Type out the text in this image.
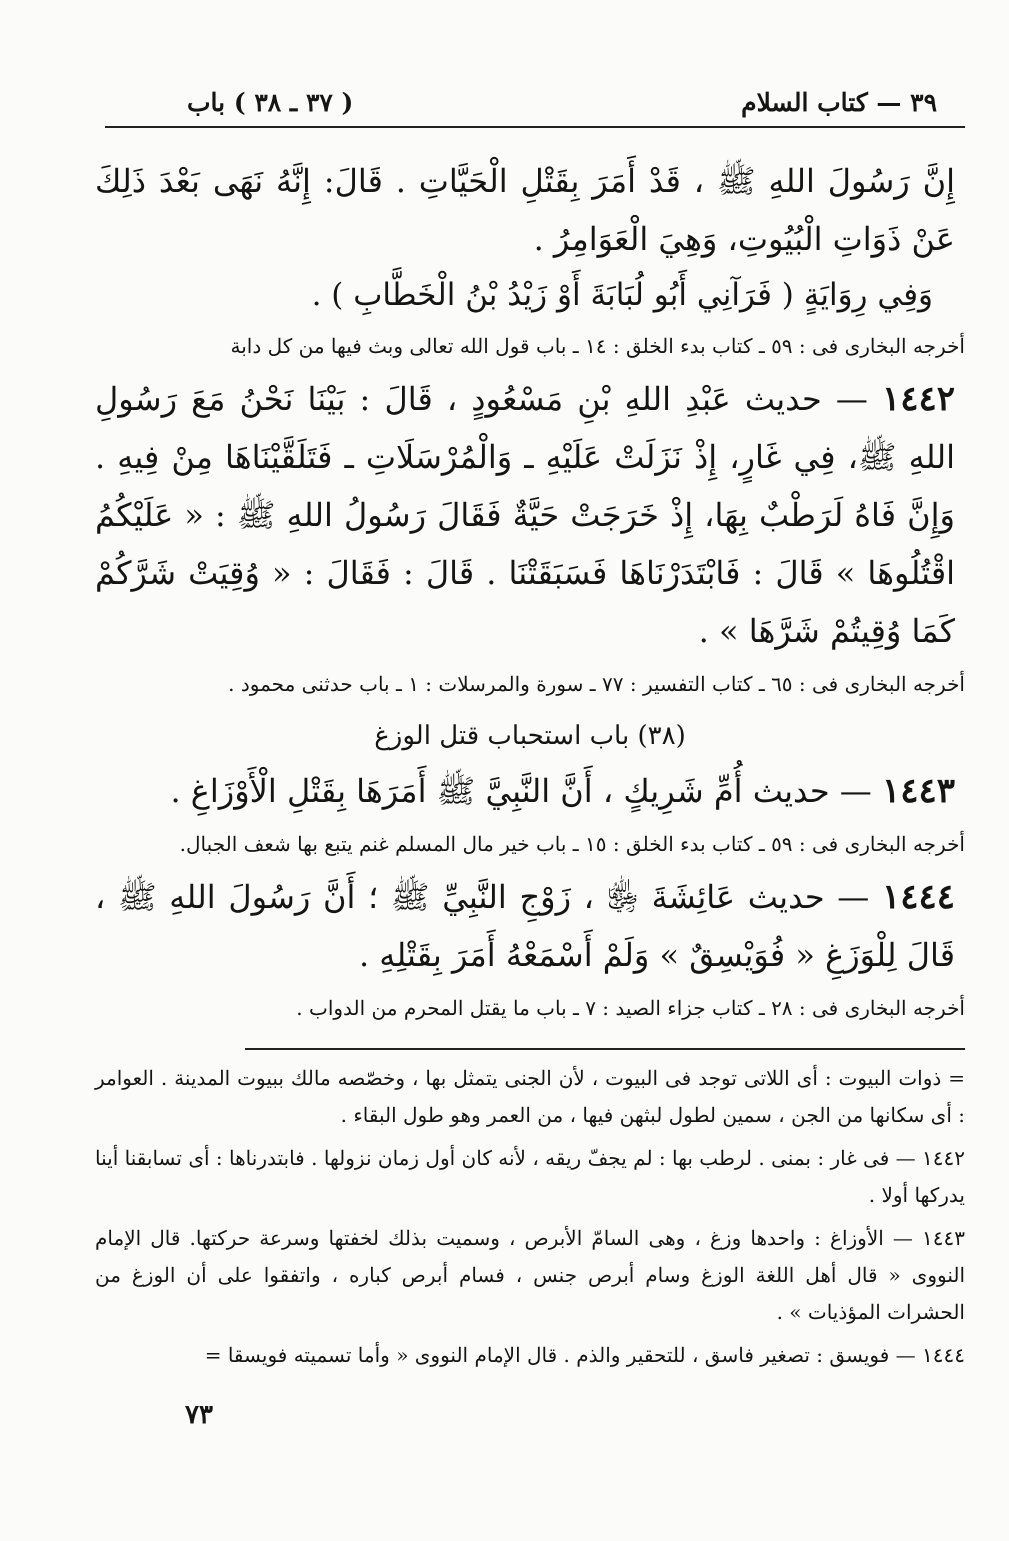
٣٩ — كتاب السلام
( ٣٧ ـ ٣٨ ) باب

إِنَّ رَسُولَ اللهِ ﷺ ، قَدْ أَمَرَ بِقَتْلِ الْحَيَّاتِ . قَالَ: إِنَّهُ نَهَى بَعْدَ ذَلِكَ عَنْ ذَوَاتِ الْبُيُوتِ، وَهِيَ الْعَوَامِرُ .

وَفِي رِوَايَةٍ ( فَرَآنِي أَبُو لُبَابَةَ أَوْ زَيْدُ بْنُ الْخَطَّابِ ) .

أخرجه البخارى فى : ٥٩ ـ كتاب بدء الخلق : ١٤ ـ باب قول الله تعالى وبث فيها من كل دابة

١٤٤٢ — حديث عَبْدِ اللهِ بْنِ مَسْعُودٍ ، قَالَ : بَيْنَا نَحْنُ مَعَ رَسُولِ اللهِ ﷺ، فِي غَارٍ، إِذْ نَزَلَتْ عَلَيْهِ ـ وَالْمُرْسَلَاتِ ـ فَتَلَقَّيْنَاهَا مِنْ فِيهِ . وَإِنَّ فَاهُ لَرَطْبٌ بِهَا، إِذْ خَرَجَتْ حَيَّةٌ فَقَالَ رَسُولُ اللهِ ﷺ : « عَلَيْكُمُ اقْتُلُوهَا » قَالَ : فَابْتَدَرْنَاهَا فَسَبَقَتْنَا . قَالَ : فَقَالَ : « وُقِيَتْ شَرَّكُمْ كَمَا وُقِيتُمْ شَرَّهَا » .

أخرجه البخارى فى : ٦٥ ـ كتاب التفسير : ٧٧ ـ سورة والمرسلات : ١ ـ باب حدثنى محمود .

(٣٨) باب استحباب قتل الوزغ

١٤٤٣ — حديث أُمِّ شَرِيكٍ ، أَنَّ النَّبِيَّ ﷺ أَمَرَهَا بِقَتْلِ الْأَوْزَاغِ .

أخرجه البخارى فى : ٥٩ ـ كتاب بدء الخلق : ١٥ ـ باب خير مال المسلم غنم يتبع بها شعف الجبال.

١٤٤٤ — حديث عَائِشَةَ ﵂ ، زَوْجِ النَّبِيِّ ﷺ ؛ أَنَّ رَسُولَ اللهِ ﷺ ، قَالَ لِلْوَزَغِ « فُوَيْسِقٌ » وَلَمْ أَسْمَعْهُ أَمَرَ بِقَتْلِهِ .

أخرجه البخارى فى : ٢٨ ـ كتاب جزاء الصيد : ٧ ـ باب ما يقتل المحرم من الدواب .

= ذوات البيوت : أى اللاتى توجد فى البيوت ، لأن الجنى يتمثل بها ، وخصّصه مالك ببيوت المدينة . العوامر : أى سكانها من الجن ، سمين لطول لبثهن فيها ، من العمر وهو طول البقاء .

١٤٤٢ — فى غار : بمنى . لرطب بها : لم يجفّ ريقه ، لأنه كان أول زمان نزولها . فابتدرناها : أى تسابقنا أينا يدركها أولا .

١٤٤٣ — الأوزاغ : واحدها وزغ ، وهى السامّ الأبرص ، وسميت بذلك لخفتها وسرعة حركتها. قال الإمام النووى « قال أهل اللغة الوزغ وسام أبرص جنس ، فسام أبرص كباره ، واتفقوا على أن الوزغ من الحشرات المؤذيات » .

١٤٤٤ — فويسق : تصغير فاسق ، للتحقير والذم . قال الإمام النووى « وأما تسميته فويسقا =

٧٣
